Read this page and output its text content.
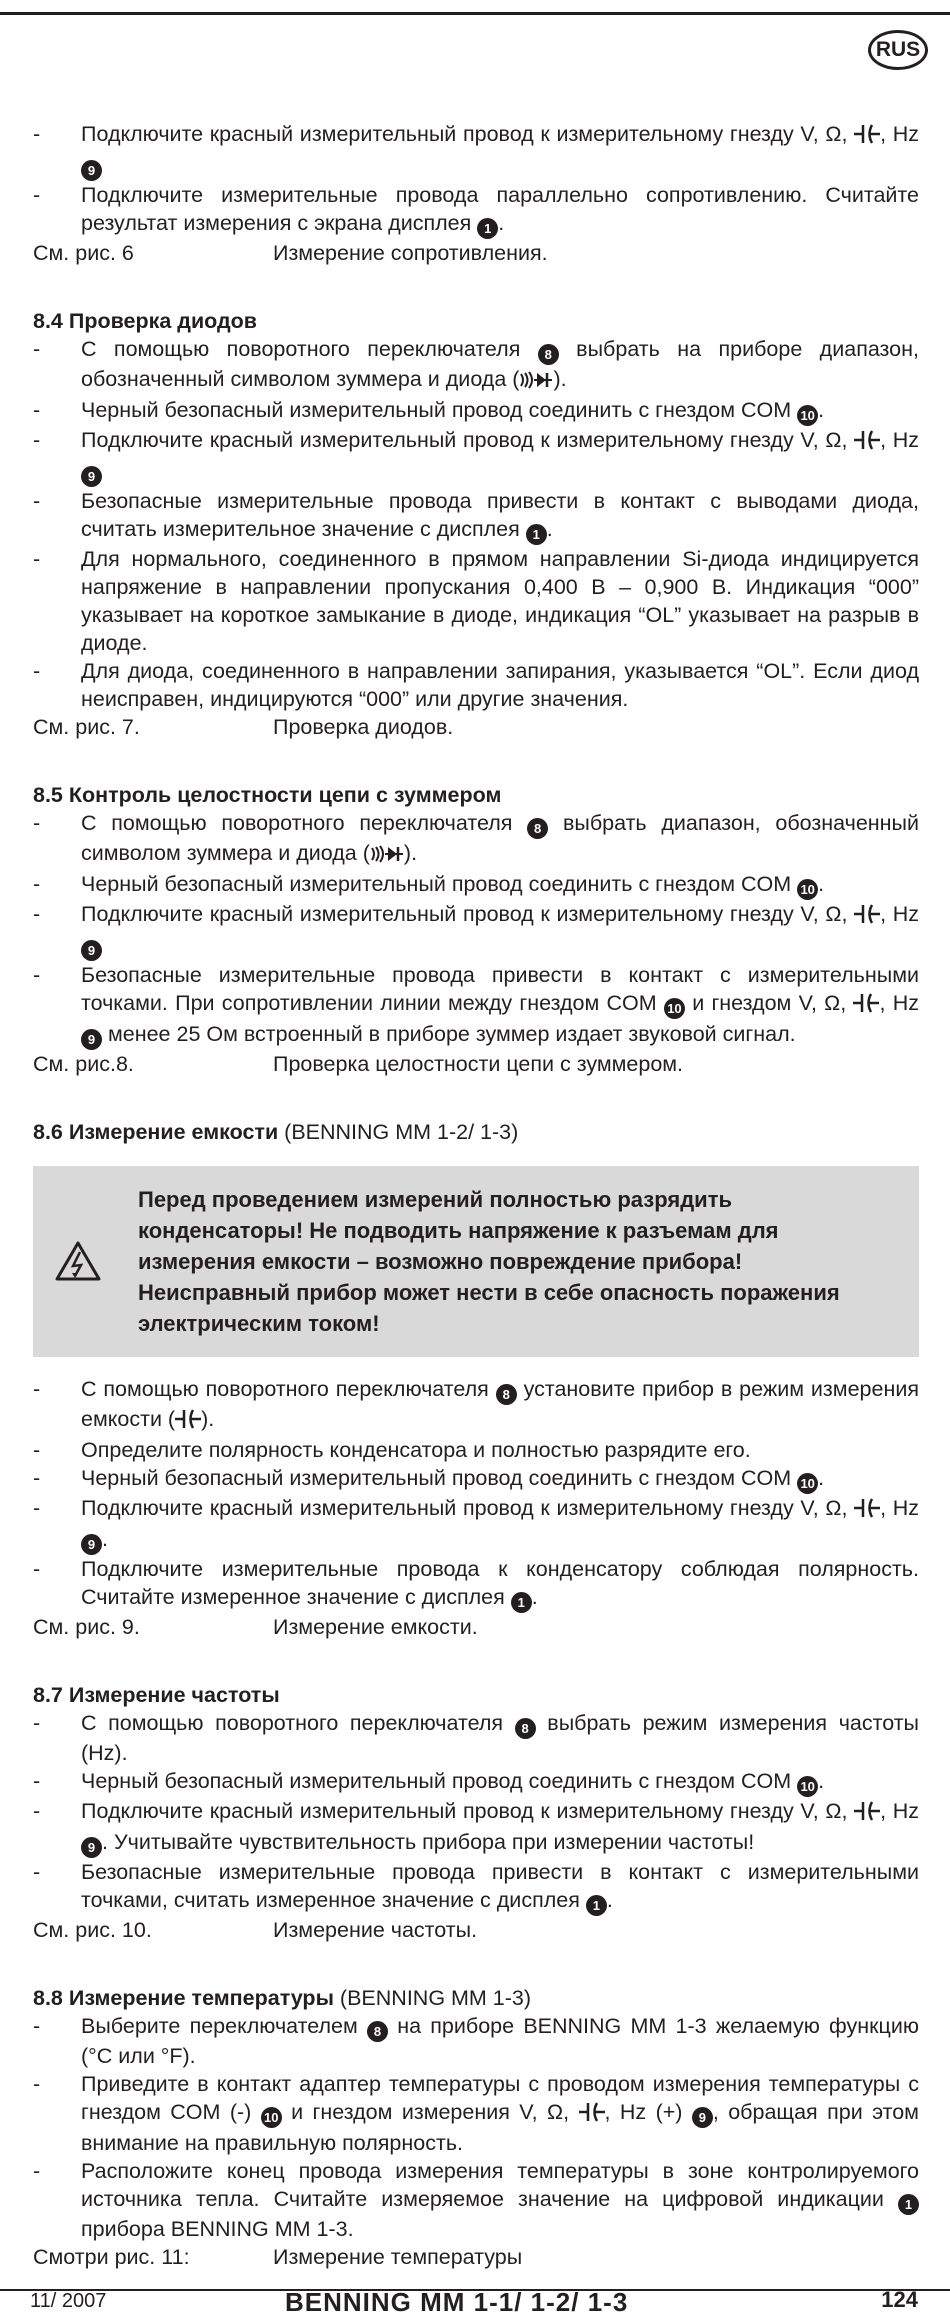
RUS
- Подключите красный измерительный провод к измерительному гнезду V, Ω, , Hz 9
- Подключите измерительные провода параллельно сопротивлению. Считайте результат измерения с экрана дисплея 1 .
См. рис. 6	Измерение сопротивления.
8.4 Проверка диодов
- С помощью поворотного переключателя 8 выбрать на приборе диапазон, обозначенный символом зуммера и диода ( ).
- Черный безопасный измерительный провод соединить с гнездом COM 10 .
- Подключите красный измерительный провод к измерительному гнезду V, Ω, , Hz 9
- Безопасные измерительные провода привести в контакт с выводами диода, считать измерительное значение с дисплея 1 .
- Для нормального, соединенного в прямом направлении Si-диода индицируется напряжение в направлении пропускания 0,400 В – 0,900 В. Индикация “000” указывает на короткое замыкание в диоде, индикация “OL” указывает на разрыв в диоде.
- Для диода, соединенного в направлении запирания, указывается “OL”. Если диод неисправен, индицируются “000” или другие значения.
См. рис. 7.	Проверка диодов.
8.5 Контроль целостности цепи с зуммером
- С помощью поворотного переключателя 8 выбрать диапазон, обозначенный символом зуммера и диода ( ).
- Черный безопасный измерительный провод соединить с гнездом COM 10 .
- Подключите красный измерительный провод к измерительному гнезду V, Ω, , Hz 9
- Безопасные измерительные провода привести в контакт с измерительными точками. При сопротивлении линии между гнездом COM 10 и гнездом V, Ω, , Hz 9 менее 25 Ом встроенный в приборе зуммер издает звуковой сигнал.
См. рис.8.	Проверка целостности цепи с зуммером.
8.6 Измерение емкости (BENNING MM 1-2/ 1-3)
Перед проведением измерений полностью разрядить конденсаторы! Не подводить напряжение к разъемам для измерения емкости – возможно повреждение прибора! Неисправный прибор может нести в себе опасность поражения электрическим током!
- С помощью поворотного переключателя 8 установите прибор в режим измерения емкости ( ).
- Определите полярность конденсатора и полностью разрядите его.
- Черный безопасный измерительный провод соединить с гнездом COM 10 .
- Подключите красный измерительный провод к измерительному гнезду V, Ω, , Hz 9 .
- Подключите измерительные провода к конденсатору соблюдая полярность. Считайте измеренное значение с дисплея 1 .
См. рис. 9.	Измерение емкости.
8.7 Измерение частоты
- С помощью поворотного переключателя 8 выбрать режим измерения частоты (Hz).
- Черный безопасный измерительный провод соединить с гнездом COM 10 .
- Подключите красный измерительный провод к измерительному гнезду V, Ω, , Hz 9 . Учитывайте чувствительность прибора при измерении частоты!
- Безопасные измерительные провода привести в контакт с измерительными точками, считать измеренное значение с дисплея 1 .
См. рис. 10.	Измерение частоты.
8.8 Измерение температуры (BENNING MM 1-3)
- Выберите переключателем 8 на приборе BENNING MM 1-3 желаемую функцию (°C или °F).
- Приведите в контакт адаптер температуры с проводом измерения температуры с гнездом COM (-) 10 и гнездом измерения V, Ω, , Hz (+) 9 , обращая при этом внимание на правильную полярность.
- Расположите конец провода измерения температуры в зоне контролируемого источника тепла. Считайте измеряемое значение на цифровой индикации 1 прибора BENNING MM 1-3.
Смотри рис. 11:	Измерение температуры
11/ 2007	BENNING MM 1-1/ 1-2/ 1-3	124
